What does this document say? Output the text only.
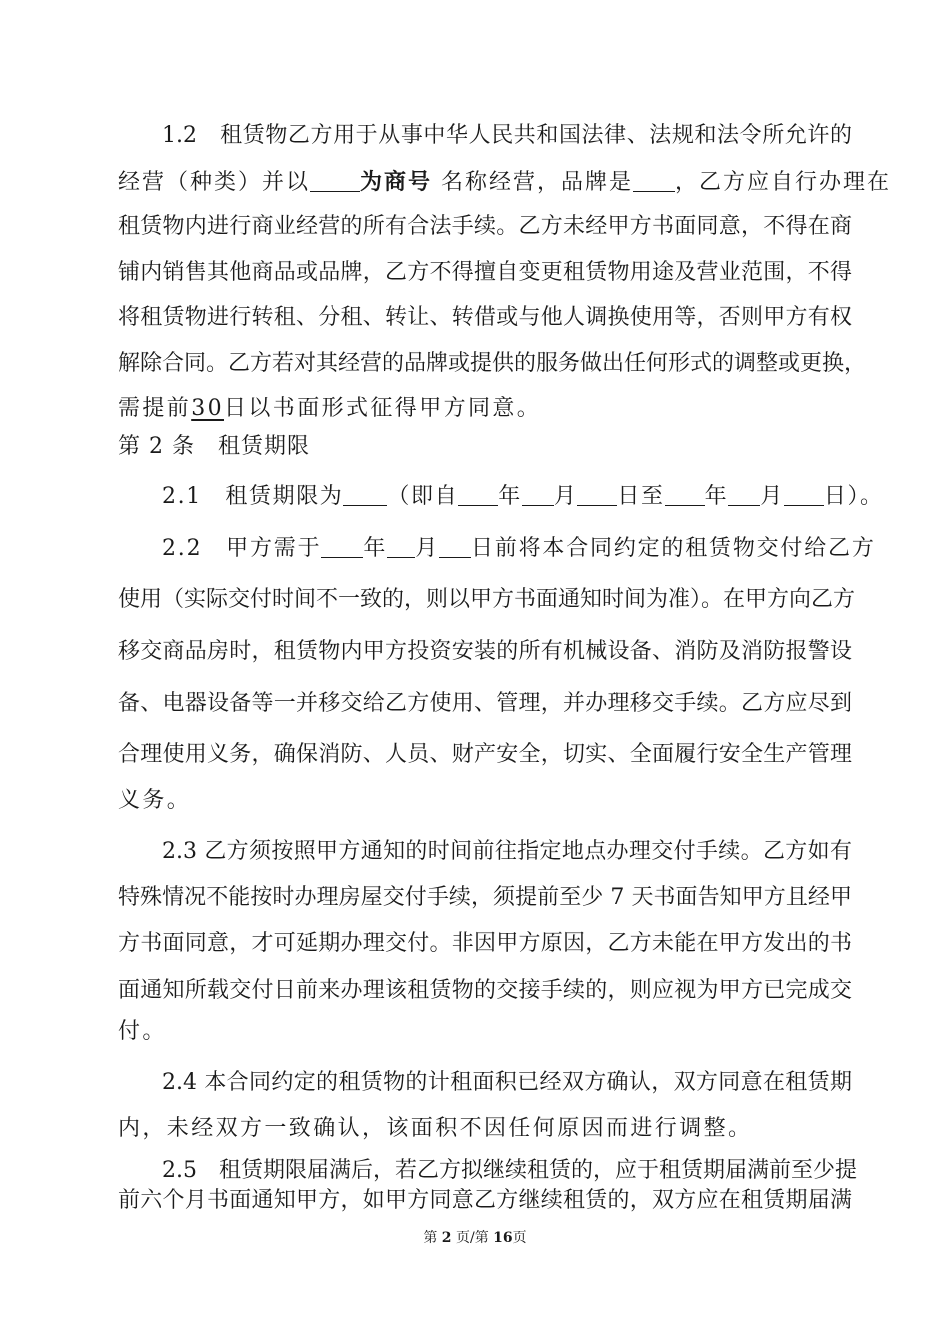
1.2　租赁物乙方用于从事中华人民共和国法律、法规和法令所允许的
经营（种类）并以 为商号 名称经营，品牌是 ，乙方应自行办理在
租赁物内进行商业经营的所有合法手续。乙方未经甲方书面同意，不得在商
铺内销售其他商品或品牌，乙方不得擅自变更租赁物用途及营业范围，不得
将租赁物进行转租、分租、转让、转借或与他人调换使用等，否则甲方有权
解除合同。乙方若对其经营的品牌或提供的服务做出任何形式的调整或更换，
需提前30日以书面形式征得甲方同意。
第 2 条　租赁期限
2.1　租赁期限为 （即自 年 月 日至 年 月 日）。
2.2　甲方需于 年 月 日前将本合同约定的租赁物交付给乙方
使用（实际交付时间不一致的，则以甲方书面通知时间为准）。在甲方向乙方
移交商品房时，租赁物内甲方投资安装的所有机械设备、消防及消防报警设
备、电器设备等一并移交给乙方使用、管理，并办理移交手续。乙方应尽到
合理使用义务，确保消防、人员、财产安全，切实、全面履行安全生产管理
义务。
2.3 乙方须按照甲方通知的时间前往指定地点办理交付手续。乙方如有
特殊情况不能按时办理房屋交付手续，须提前至少 7 天书面告知甲方且经甲
方书面同意，才可延期办理交付。非因甲方原因，乙方未能在甲方发出的书
面通知所载交付日前来办理该租赁物的交接手续的，则应视为甲方已完成交
付。
2.4 本合同约定的租赁物的计租面积已经双方确认，双方同意在租赁期
内，未经双方一致确认，该面积不因任何原因而进行调整。
2.5　租赁期限届满后，若乙方拟继续租赁的，应于租赁期届满前至少提
前六个月书面通知甲方，如甲方同意乙方继续租赁的，双方应在租赁期届满
第 2 页/第 16页
